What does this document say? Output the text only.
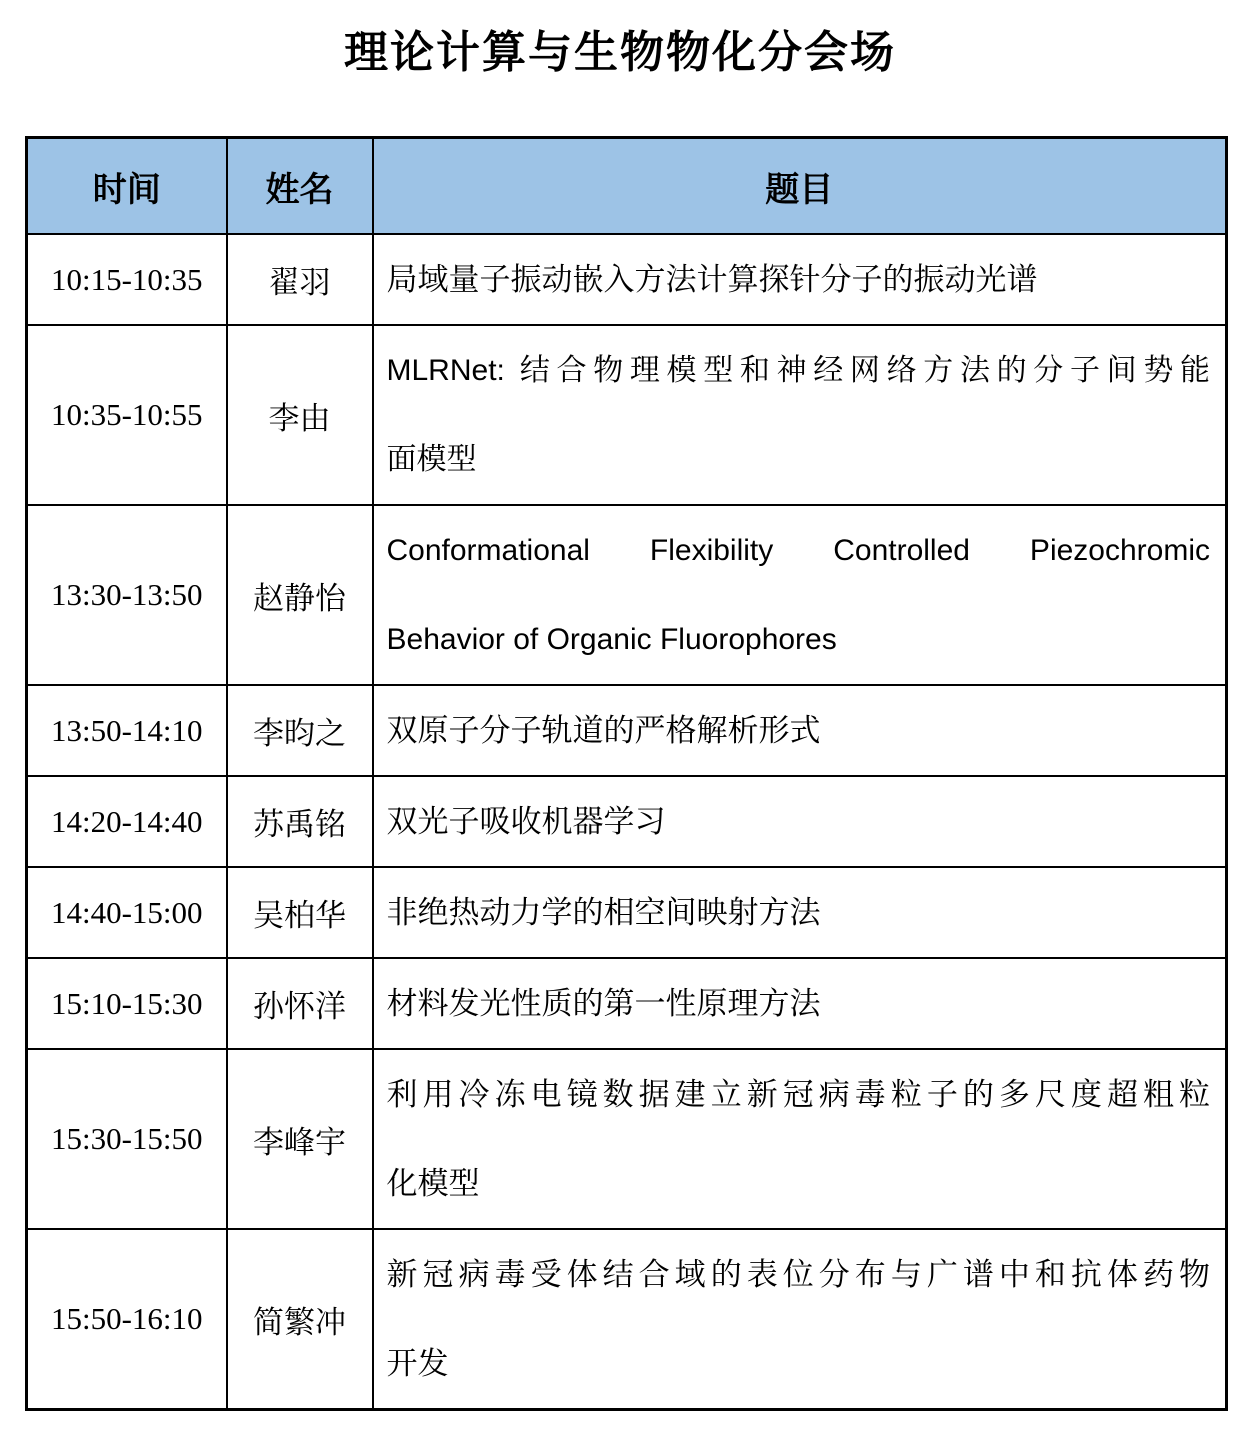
理论计算与生物物化分会场
时间	姓名	题目
10:15-10:35	翟羽	局域量子振动嵌入方法计算探针分子的振动光谱

10:35-10:55	李由	MLRNet: 结合物理模型和神经网络方法的分子间势能
面模型

13:30-13:50	赵静怡	Conformational Flexibility Controlled Piezochromic
Behavior of Organic Fluorophores

13:50-14:10	李昀之	双原子分子轨道的严格解析形式

14:20-14:40	苏禹铭	双光子吸收机器学习

14:40-15:00	吴柏华	非绝热动力学的相空间映射方法

15:10-15:30	孙怀洋	材料发光性质的第一性原理方法

15:30-15:50	李峰宇	利用冷冻电镜数据建立新冠病毒粒子的多尺度超粗粒
化模型

15:50-16:10	简繁冲	新冠病毒受体结合域的表位分布与广谱中和抗体药物
开发
